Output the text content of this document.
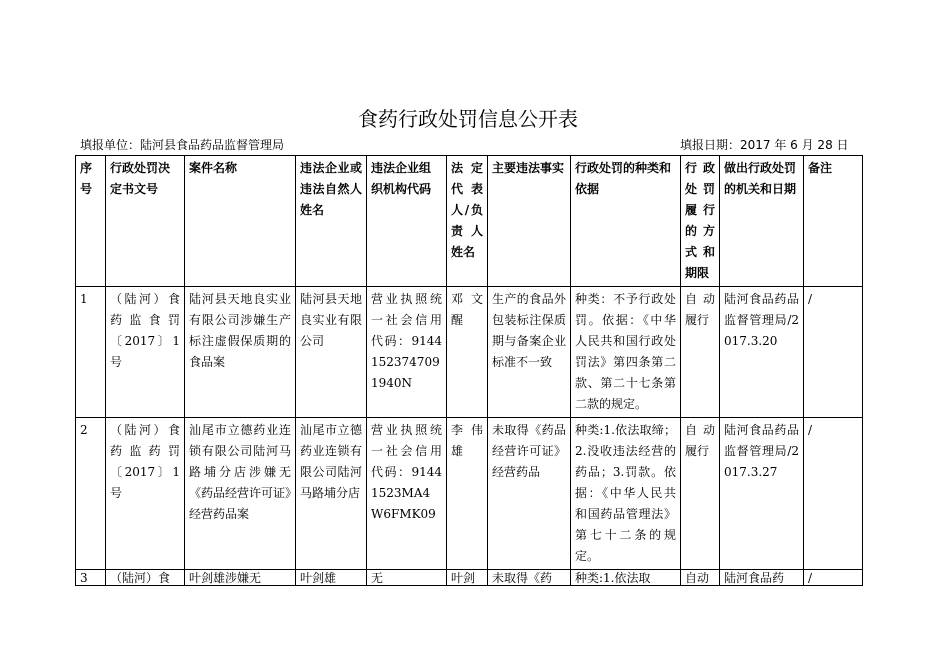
食药行政处罚信息公开表
填报单位：陆河县食品药品监督管理局	填报日期：2017 年 6 月 28 日
序号	行政处罚决定书文号	案件名称	违法企业或违法自然人姓名	违法企业组织机构代码	法定代表人/负责人姓名	主要违法事实	行政处罚的种类和依据	行政处罚履行的方式和期限	做出行政处罚的机关和日期	备注
1	（陆河）食药监食罚〔2017〕1号	陆河县天地良实业有限公司涉嫌生产标注虚假保质期的食品案	陆河县天地良实业有限公司	营业执照统一社会信用代码：91441523747091940N	邓文醒	生产的食品外包装标注保质期与备案企业标准不一致	种类：不予行政处罚。依据：《中华人民共和国行政处罚法》第四条第二款、第二十七条第二款的规定。	自动履行	陆河食品药品监督管理局/2017.3.20	/
2	（陆河）食药监药罚〔2017〕1号	汕尾市立德药业连锁有限公司陆河马路埔分店涉嫌无《药品经营许可证》经营药品案	汕尾市立德药业连锁有限公司陆河马路埔分店	营业执照统一社会信用代码：91441523MA4W6FMK09	李伟雄	未取得《药品经营许可证》经营药品	种类:1.依法取缔；2.没收违法经营的药品；3.罚款。依据：《中华人民共和国药品管理法》第七十二条的规定。	自动履行	陆河食品药品监督管理局/2017.3.27	/
3	（陆河）食	叶剑雄涉嫌无	叶剑雄	无	叶剑	未取得《药	种类:1.依法取	自动	陆河食品药	/
